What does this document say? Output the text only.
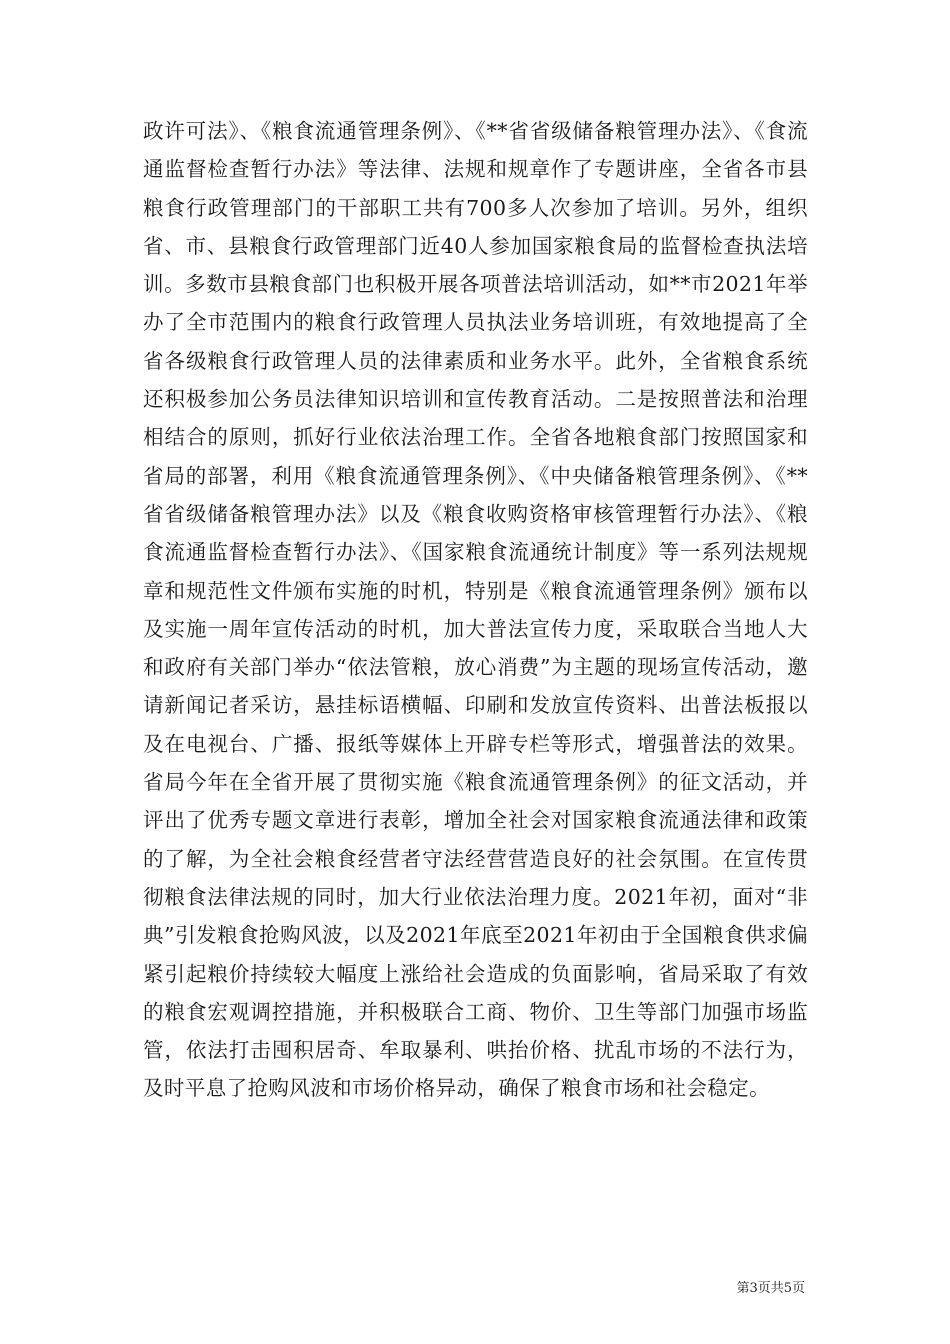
政许可法》、《粮食流通管理条例》、《**省省级储备粮管理办法》、《食流通监督检查暂行办法》等法律、法规和规章作了专题讲座，全省各市县粮食行政管理部门的干部职工共有700多人次参加了培训。另外，组织省、市、县粮食行政管理部门近40人参加国家粮食局的监督检查执法培训。多数市县粮食部门也积极开展各项普法培训活动，如**市2021年举办了全市范围内的粮食行政管理人员执法业务培训班，有效地提高了全省各级粮食行政管理人员的法律素质和业务水平。此外，全省粮食系统还积极参加公务员法律知识培训和宣传教育活动。二是按照普法和治理相结合的原则，抓好行业依法治理工作。全省各地粮食部门按照国家和省局的部署，利用《粮食流通管理条例》、《中央储备粮管理条例》、《**省省级储备粮管理办法》以及《粮食收购资格审核管理暂行办法》、《粮食流通监督检查暂行办法》、《国家粮食流通统计制度》等一系列法规规章和规范性文件颁布实施的时机，特别是《粮食流通管理条例》颁布以及实施一周年宣传活动的时机，加大普法宣传力度，采取联合当地人大和政府有关部门举办“依法管粮，放心消费”为主题的现场宣传活动，邀请新闻记者采访，悬挂标语横幅、印刷和发放宣传资料、出普法板报以及在电视台、广播、报纸等媒体上开辟专栏等形式，增强普法的效果。省局今年在全省开展了贯彻实施《粮食流通管理条例》的征文活动，并评出了优秀专题文章进行表彰，增加全社会对国家粮食流通法律和政策的了解，为全社会粮食经营者守法经营营造良好的社会氛围。在宣传贯彻粮食法律法规的同时，加大行业依法治理力度。2021年初，面对“非典”引发粮食抢购风波，以及2021年底至2021年初由于全国粮食供求偏紧引起粮价持续较大幅度上涨给社会造成的负面影响，省局采取了有效的粮食宏观调控措施，并积极联合工商、物价、卫生等部门加强市场监管，依法打击囤积居奇、牟取暴利、哄抬价格、扰乱市场的不法行为，及时平息了抢购风波和市场价格异动，确保了粮食市场和社会稳定。

第3页共5页
